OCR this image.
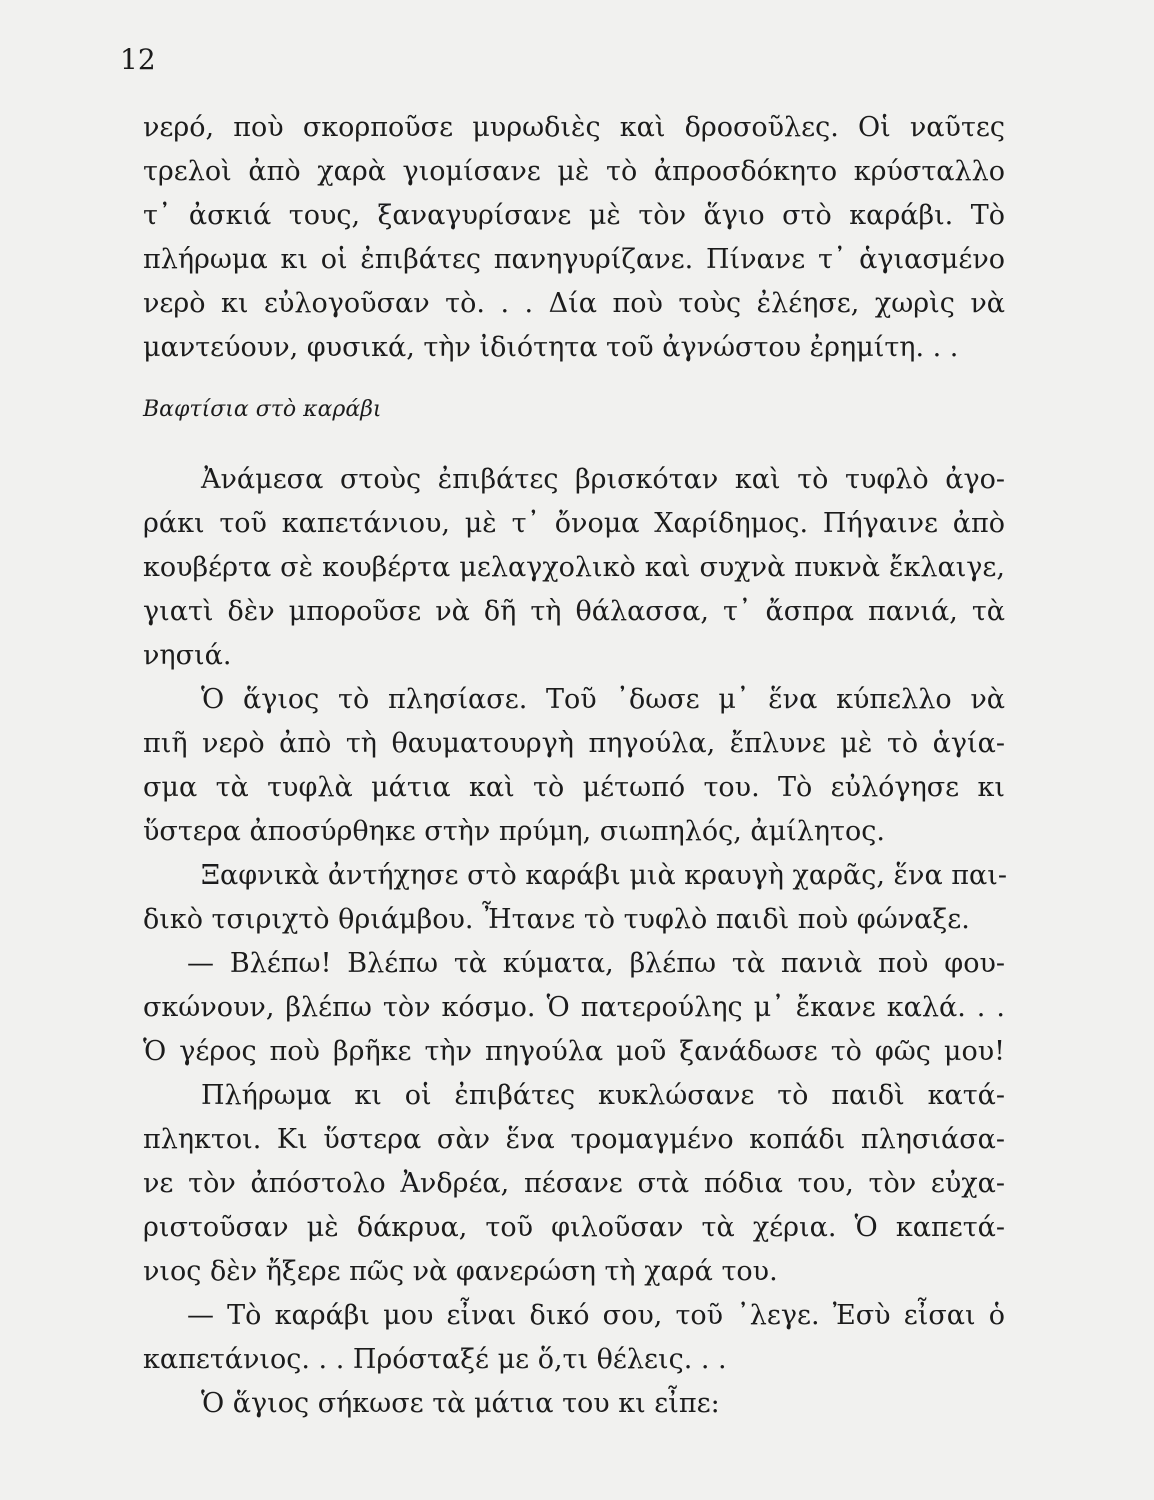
12
νερό, ποὺ σκορποῦσε μυρωδιὲς καὶ δροσοῦλες. Οἱ ναῦτες
τρελοὶ ἀπὸ χαρὰ γιομίσανε μὲ τὸ ἀπροσδόκητο κρύσταλλο
τ᾽ ἀσκιά τους, ξαναγυρίσανε μὲ τὸν ἅγιο στὸ καράβι. Τὸ
πλήρωμα κι οἱ ἐπιβάτες πανηγυρίζανε. Πίνανε τ᾽ ἁγιασμένο
νερὸ κι εὐλογοῦσαν τὸ. . . Δία ποὺ τοὺς ἐλέησε, χωρὶς νὰ
μαντεύουν, φυσικά, τὴν ἰδιότητα τοῦ ἀγνώστου ἐρημίτη. . .
Βαφτίσια στὸ καράβι
Ἀνάμεσα στοὺς ἐπιβάτες βρισκόταν καὶ τὸ τυφλὸ ἀγο-
ράκι τοῦ καπετάνιου, μὲ τ᾽ ὄνομα Χαρίδημος. Πήγαινε ἀπὸ
κουβέρτα σὲ κουβέρτα μελαγχολικὸ καὶ συχνὰ πυκνὰ ἔκλαιγε,
γιατὶ δὲν μποροῦσε νὰ δῆ τὴ θάλασσα, τ᾽ ἄσπρα πανιά, τὰ
νησιά.
Ὁ ἅγιος τὸ πλησίασε. Τοῦ ᾽δωσε μ᾽ ἕνα κύπελλο νὰ
πιῆ νερὸ ἀπὸ τὴ θαυματουργὴ πηγούλα, ἔπλυνε μὲ τὸ ἁγία-
σμα τὰ τυφλὰ μάτια καὶ τὸ μέτωπό του. Τὸ εὐλόγησε κι
ὕστερα ἀποσύρθηκε στὴν πρύμη, σιωπηλός, ἀμίλητος.
Ξαφνικὰ ἀντήχησε στὸ καράβι μιὰ κραυγὴ χαρᾶς, ἕνα παι-
δικὸ τσιριχτὸ θριάμβου. Ἦτανε τὸ τυφλὸ παιδὶ ποὺ φώναξε.
— Βλέπω! Βλέπω τὰ κύματα, βλέπω τὰ πανιὰ ποὺ φου-
σκώνουν, βλέπω τὸν κόσμο. Ὁ πατερούλης μ᾽ ἔκανε καλά. . .
Ὁ γέρος ποὺ βρῆκε τὴν πηγούλα μοῦ ξανάδωσε τὸ φῶς μου!
Πλήρωμα κι οἱ ἐπιβάτες κυκλώσανε τὸ παιδὶ κατά-
πληκτοι. Κι ὕστερα σὰν ἕνα τρομαγμένο κοπάδι πλησιάσα-
νε τὸν ἀπόστολο Ἀνδρέα, πέσανε στὰ πόδια του, τὸν εὐχα-
ριστοῦσαν μὲ δάκρυα, τοῦ φιλοῦσαν τὰ χέρια. Ὁ καπετά-
νιος δὲν ἤξερε πῶς νὰ φανερώση τὴ χαρά του.
— Τὸ καράβι μου εἶναι δικό σου, τοῦ ᾽λεγε. Ἐσὺ εἶσαι ὁ
καπετάνιος. . . Πρόσταξέ με ὅ,τι θέλεις. . .
Ὁ ἅγιος σήκωσε τὰ μάτια του κι εἶπε:
